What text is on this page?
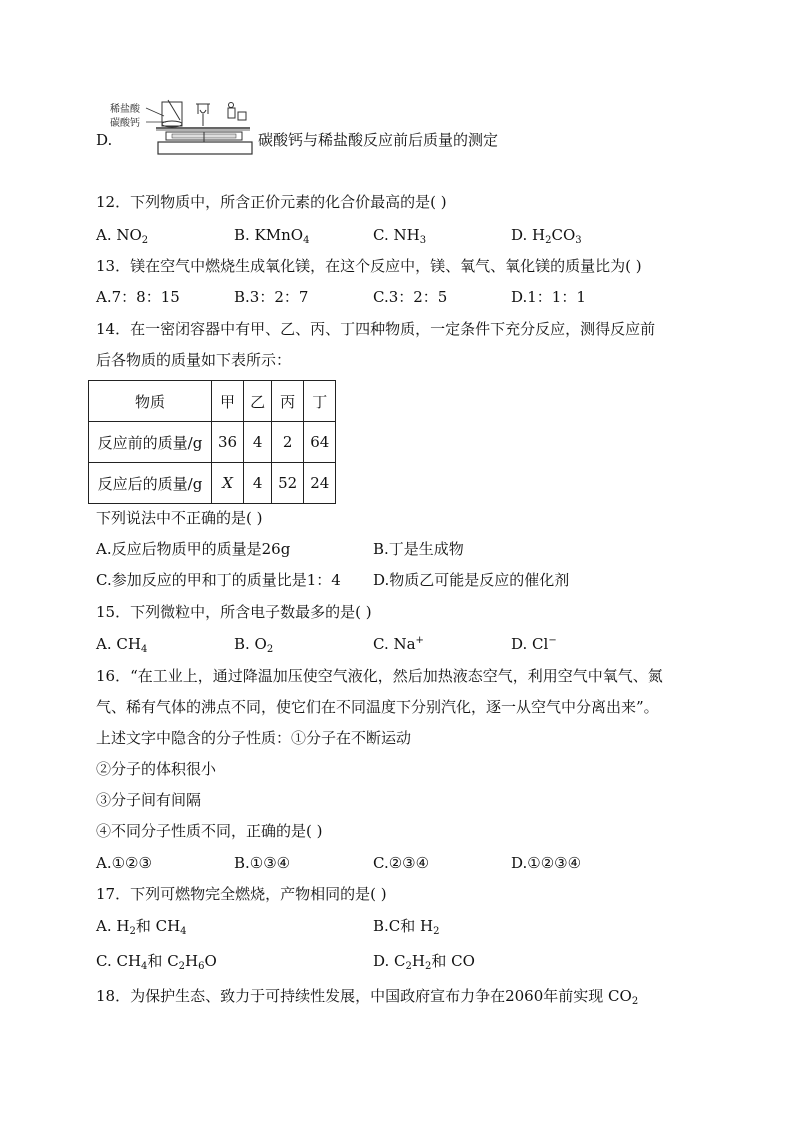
D.
稀盐酸
碳酸钙
碳酸钙与稀盐酸反应前后质量的测定
12．下列物质中，所含正价元素的化合价最高的是( )
A. $NO_2$	B. KMnO$_4$	C. $NH_3$	D. $H_2CO_3$
13．镁在空气中燃烧生成氧化镁，在这个反应中，镁、氧气、氧化镁的质量比为( )
A.7：8：15	B.3：2：7	C.3：2：5	D.1：1：1
14．在一密闭容器中有甲、乙、丙、丁四种物质，一定条件下充分反应，测得反应前
后各物质的质量如下表所示：
物质	甲	乙	丙	丁
反应前的质量/g	36	4	2	64
反应后的质量/g	X	4	52	24
下列说法中不正确的是( )
A.反应后物质甲的质量是26g	B.丁是生成物
C.参加反应的甲和丁的质量比是1：4 D.物质乙可能是反应的催化剂
15．下列微粒中，所含电子数最多的是( )
A. $CH_4$	B. $O_2$	C. Na+	D. Cl−
16．“在工业上，通过降温加压使空气液化，然后加热液态空气，利用空气中氧气、氮
气、稀有气体的沸点不同，使它们在不同温度下分别汽化，逐一从空气中分离出来”。
上述文字中隐含的分子性质：①分子在不断运动
②分子的体积很小
③分子间有间隔
④不同分子性质不同，正确的是( )
A.①②③	B.①③④	C.②③④	D.①②③④
17．下列可燃物完全燃烧，产物相同的是( )
A. $H_2$和 $CH_4$	B.C和 $H_2$
C. $CH_4$和 $C_2H_6O$	D. $C_2H_2$和 CO
18．为保护生态、致力于可持续性发展，中国政府宣布力争在2060年前实现 $CO_2$
